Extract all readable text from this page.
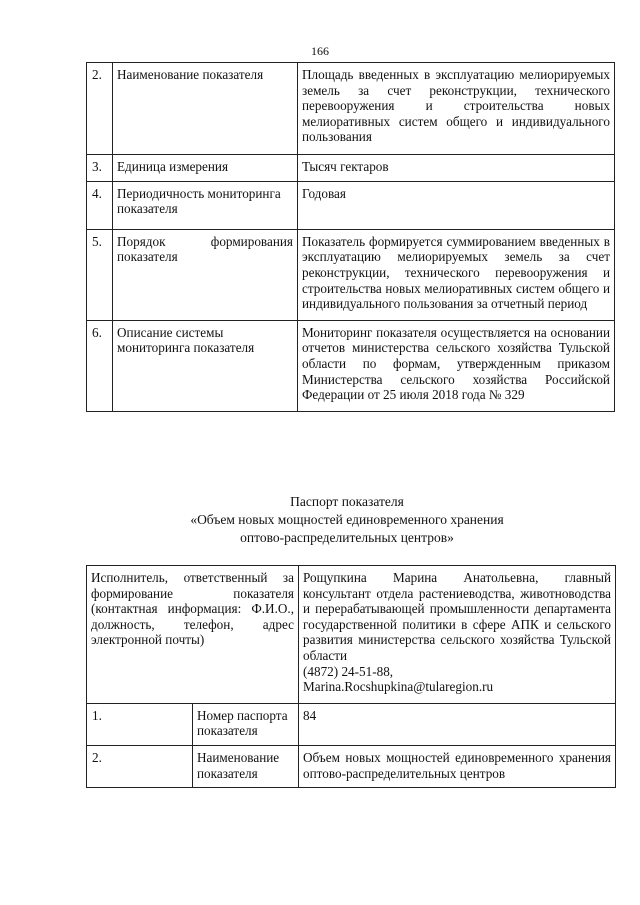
166
2.	Наименование показателя	Площадь введенных в эксплуатацию мелиорируемых земель за счет реконструкции, технического перевооружения и строительства новых мелиоративных систем общего и индивидуального пользования
3.	Единица измерения	Тысяч гектаров
4.	Периодичность мониторинга показателя	Годовая
5.	Порядок формирования показателя	Показатель формируется суммированием введенных в эксплуатацию мелиорируемых земель за счет реконструкции, технического перевооружения и строительства новых мелиоративных систем общего и индивидуального пользования за отчетный период
6.	Описание системы мониторинга показателя	Мониторинг показателя осуществляется на основании отчетов министерства сельского хозяйства Тульской области по формам, утвержденным приказом Министерства сельского хозяйства Российской Федерации от 25 июля 2018 года № 329
Паспорт показателя
«Объем новых мощностей единовременного хранения
оптово-распределительных центров»
Исполнитель, ответственный за формирование показателя (контактная информация: Ф.И.О., должность, телефон, адрес электронной почты)		Рощупкина Марина Анатольевна, главный консультант отдела растениеводства, животноводства и перерабатывающей промышленности департамента государственной политики в сфере АПК и сельского развития министерства сельского хозяйства Тульской области
(4872) 24-51-88,
Marina.Rocshupkina@tularegion.ru

1.	Номер паспорта показателя	84
2.	Наименование показателя	Объем новых мощностей единовременного хранения оптово-распределительных центров
